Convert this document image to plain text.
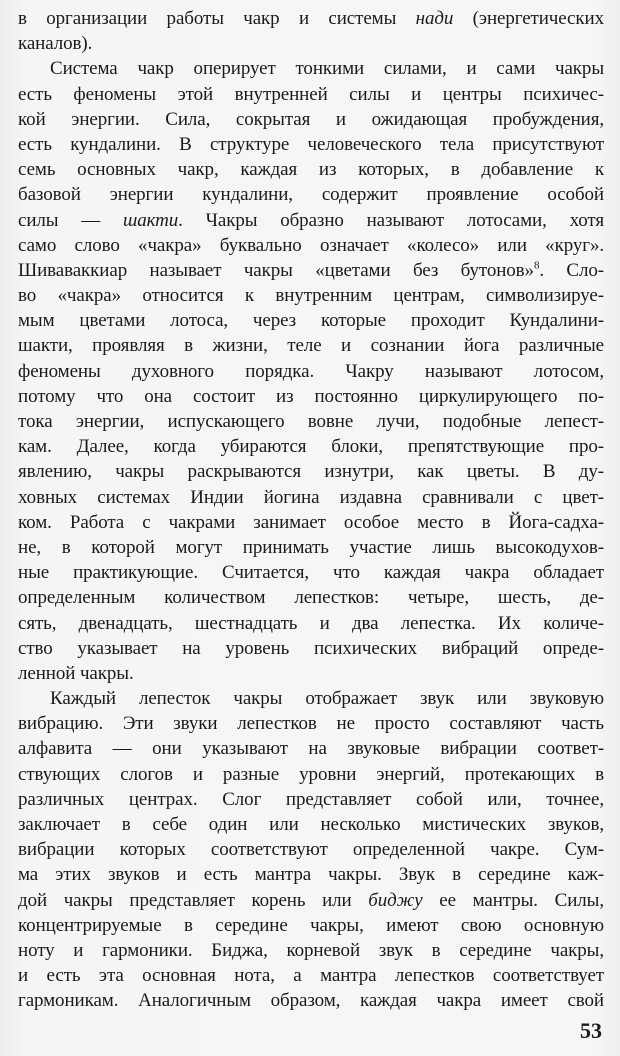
в организации работы чакр и системы нади (энергетических
каналов).
Система чакр оперирует тонкими силами, и сами чакры
есть феномены этой внутренней силы и центры психичес-
кой энергии. Сила, сокрытая и ожидающая пробуждения,
есть кундалини. В структуре человеческого тела присутствуют
семь основных чакр, каждая из которых, в добавление к
базовой энергии кундалини, содержит проявление особой
силы — шакти. Чакры образно называют лотосами, хотя
само слово «чакра» буквально означает «колесо» или «круг».
Шиваваккиар называет чакры «цветами без бутонов»$^8$. Сло-
во «чакра» относится к внутренним центрам, символизируе-
мым цветами лотоса, через которые проходит Кундалини-
шакти, проявляя в жизни, теле и сознании йога различные
феномены духовного порядка. Чакру называют лотосом,
потому что она состоит из постоянно циркулирующего по-
тока энергии, испускающего вовне лучи, подобные лепест-
кам. Далее, когда убираются блоки, препятствующие про-
явлению, чакры раскрываются изнутри, как цветы. В ду-
ховных системах Индии йогина издавна сравнивали с цвет-
ком. Работа с чакрами занимает особое место в Йога-садха-
не, в которой могут принимать участие лишь высокодухов-
ные практикующие. Считается, что каждая чакра обладает
определенным количеством лепестков: четыре, шесть, де-
сять, двенадцать, шестнадцать и два лепестка. Их количе-
ство указывает на уровень психических вибраций опреде-
ленной чакры.
Каждый лепесток чакры отображает звук или звуковую
вибрацию. Эти звуки лепестков не просто составляют часть
алфавита — они указывают на звуковые вибрации соответ-
ствующих слогов и разные уровни энергий, протекающих в
различных центрах. Слог представляет собой или, точнее,
заключает в себе один или несколько мистических звуков,
вибрации которых соответствуют определенной чакре. Сум-
ма этих звуков и есть мантра чакры. Звук в середине каж-
дой чакры представляет корень или биджу ее мантры. Силы,
концентрируемые в середине чакры, имеют свою основную
ноту и гармоники. Биджа, корневой звук в середине чакры,
и есть эта основная нота, а мантра лепестков соответствует
гармоникам. Аналогичным образом, каждая чакра имеет свой
53
